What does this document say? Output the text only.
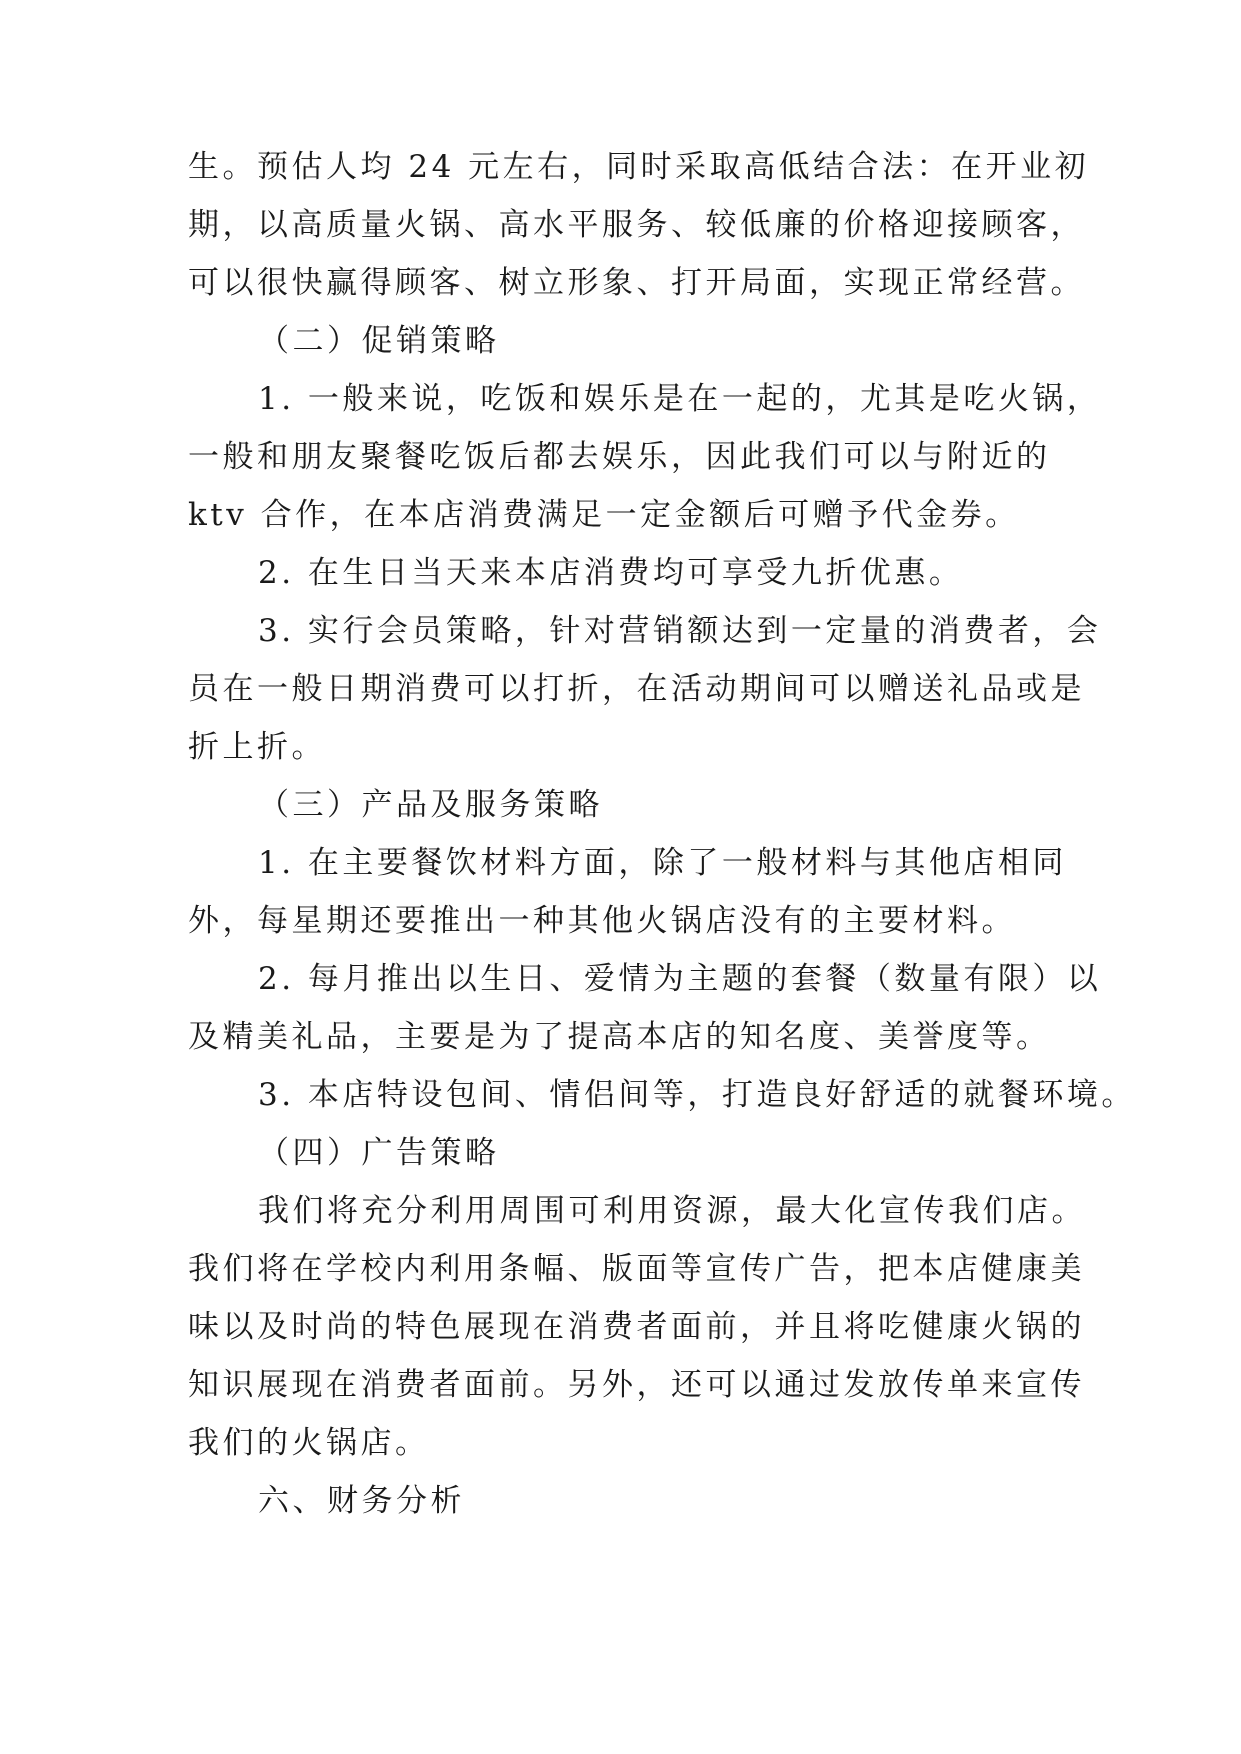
生。预估人均 24 元左右，同时采取高低结合法：在开业初
期，以高质量火锅、高水平服务、较低廉的价格迎接顾客，
可以很快赢得顾客、树立形象、打开局面，实现正常经营。
（二）促销策略
1. 一般来说，吃饭和娱乐是在一起的，尤其是吃火锅，
一般和朋友聚餐吃饭后都去娱乐，因此我们可以与附近的
ktv 合作，在本店消费满足一定金额后可赠予代金券。
2. 在生日当天来本店消费均可享受九折优惠。
3. 实行会员策略，针对营销额达到一定量的消费者，会
员在一般日期消费可以打折，在活动期间可以赠送礼品或是
折上折。
（三）产品及服务策略
1. 在主要餐饮材料方面，除了一般材料与其他店相同
外，每星期还要推出一种其他火锅店没有的主要材料。
2. 每月推出以生日、爱情为主题的套餐（数量有限）以
及精美礼品，主要是为了提高本店的知名度、美誉度等。
3. 本店特设包间、情侣间等，打造良好舒适的就餐环境。
（四）广告策略
我们将充分利用周围可利用资源，最大化宣传我们店。
我们将在学校内利用条幅、版面等宣传广告，把本店健康美
味以及时尚的特色展现在消费者面前，并且将吃健康火锅的
知识展现在消费者面前。另外，还可以通过发放传单来宣传
我们的火锅店。
六、财务分析
